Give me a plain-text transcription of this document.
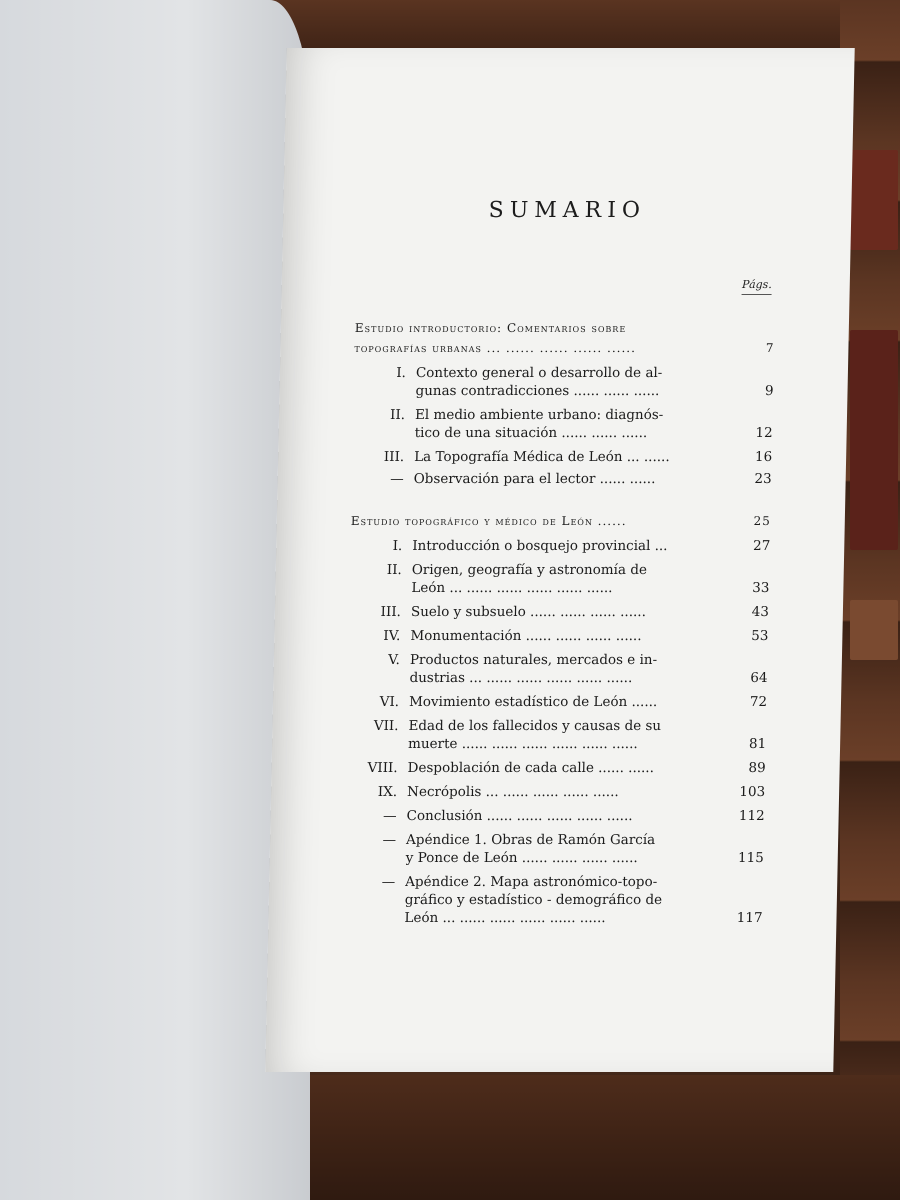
SUMARIO
Págs.
Estudio introductorio: Comentarios sobre
topografías urbanas ... ...... ...... ...... ......	7
I. Contexto general o desarrollo de al-
gunas contradicciones ...... ...... ......	9
II. El medio ambiente urbano: diagnós-
tico de una situación ...... ...... ......	12
III. La Topografía Médica de León ... ......	16
— Observación para el lector ...... ......	23
Estudio topográfico y médico de León ......	25
I. Introducción o bosquejo provincial ...	27
II. Origen, geografía y astronomía de
León ... ...... ...... ...... ...... ......	33
III. Suelo y subsuelo ...... ...... ...... ......	43
IV. Monumentación ...... ...... ...... ......	53
V. Productos naturales, mercados e in-
dustrias ... ...... ...... ...... ...... ......	64
VI. Movimiento estadístico de León ......	72
VII. Edad de los fallecidos y causas de su
muerte ...... ...... ...... ...... ...... ......	81
VIII. Despoblación de cada calle ...... ......	89
IX. Necrópolis ... ...... ...... ...... ......	103
— Conclusión ...... ...... ...... ...... ......	112
— Apéndice 1. Obras de Ramón García
y Ponce de León ...... ...... ...... ......	115
— Apéndice 2. Mapa astronómico-topo-
gráfico y estadístico - demográfico de
León ... ...... ...... ...... ...... ......	117
